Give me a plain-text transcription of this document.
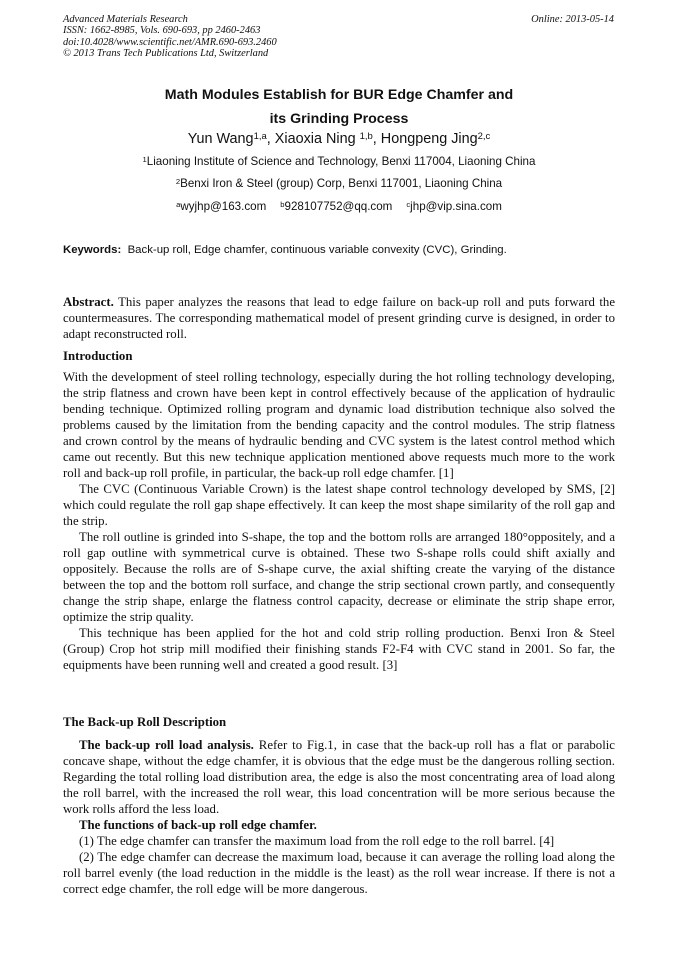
Advanced Materials Research
ISSN: 1662-8985, Vols. 690-693, pp 2460-2463
doi:10.4028/www.scientific.net/AMR.690-693.2460
© 2013 Trans Tech Publications Ltd, Switzerland
Online: 2013-05-14
Math Modules Establish for BUR Edge Chamfer and
its Grinding Process
Yun Wang$^{1,a}$, Xiaoxia Ning $^{1,b}$, Hongpeng Jing$^{2,c}$
$^1$Liaoning Institute of Science and Technology, Benxi 117004, Liaoning China
$^2$Benxi Iron & Steel (group) Corp, Benxi 117001, Liaoning China
$^a$wyjhp@163.com $^b$928107752@qq.com $^c$jhp@vip.sina.com
Keywords: Back-up roll, Edge chamfer, continuous variable convexity (CVC), Grinding.
Abstract. This paper analyzes the reasons that lead to edge failure on back-up roll and puts forward the countermeasures. The corresponding mathematical model of present grinding curve is designed, in order to adapt reconstructed roll.
Introduction

With the development of steel rolling technology, especially during the hot rolling technology developing, the strip flatness and crown have been kept in control effectively because of the application of hydraulic bending technique. Optimized rolling program and dynamic load distribution technique also solved the problems caused by the limitation from the bending capacity and the control modules. The strip flatness and crown control by the means of hydraulic bending and CVC system is the latest control method which came out recently. But this new technique application mentioned above requests much more to the work roll and back-up roll profile, in particular, the back-up roll edge chamfer. [1]

The CVC (Continuous Variable Crown) is the latest shape control technology developed by SMS, [2] which could regulate the roll gap shape effectively. It can keep the most shape similarity of the roll gap and the strip.

The roll outline is grinded into S-shape, the top and the bottom rolls are arranged 180°oppositely, and a roll gap outline with symmetrical curve is obtained. These two S-shape rolls could shift axially and oppositely. Because the rolls are of S-shape curve, the axial shifting create the varying of the distance between the top and the bottom roll surface, and change the strip sectional crown partly, and consequently change the strip shape, enlarge the flatness control capacity, decrease or eliminate the strip shape error, optimize the strip quality.

This technique has been applied for the hot and cold strip rolling production. Benxi Iron & Steel (Group) Crop hot strip mill modified their finishing stands F2-F4 with CVC stand in 2001. So far, the equipments have been running well and created a good result. [3]

The Back-up Roll Description

The back-up roll load analysis. Refer to Fig.1, in case that the back-up roll has a flat or parabolic concave shape, without the edge chamfer, it is obvious that the edge must be the dangerous rolling section. Regarding the total rolling load distribution area, the edge is also the most concentrating area of load along the roll barrel, with the increased the roll wear, this load concentration will be more serious because the work rolls afford the less load.

The functions of back-up roll edge chamfer.

(1) The edge chamfer can transfer the maximum load from the roll edge to the roll barrel. [4]

(2) The edge chamfer can decrease the maximum load, because it can average the rolling load along the roll barrel evenly (the load reduction in the middle is the least) as the roll wear increase. If there is not a correct edge chamfer, the roll edge will be more dangerous.
